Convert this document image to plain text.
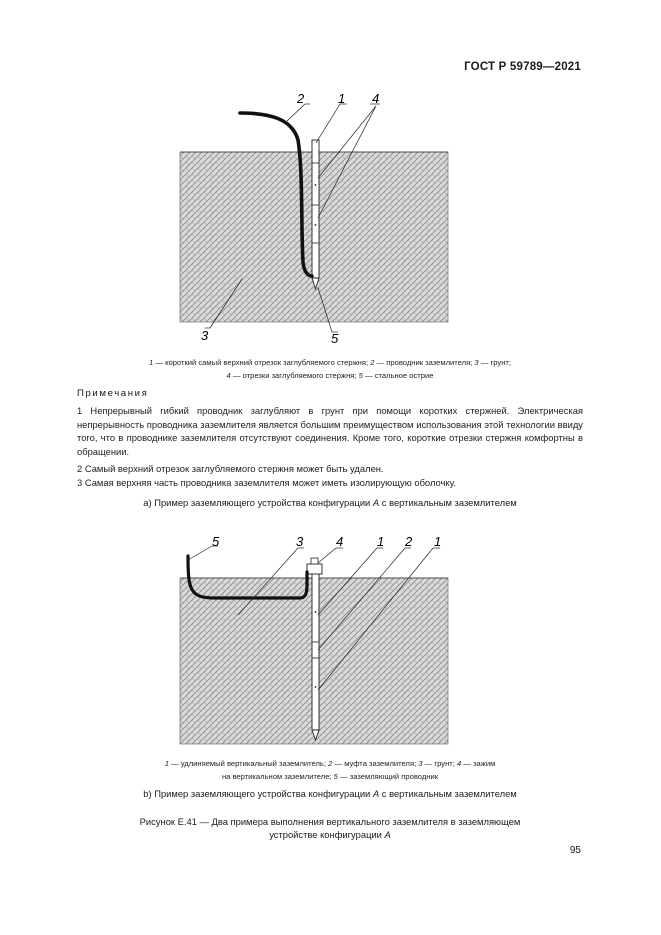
ГОСТ Р 59789—2021
2	1 4
3	5
5	3	4	1 2 1
1 — короткий самый верхний отрезок заглубляемого стержня; 2 — проводник заземлителя; 3 — грунт;
4 — отрезки заглубляемого стержня; 5 — стальное острие
Примечания

1 Непрерывный гибкий проводник заглубляют в грунт при помощи коротких стержней. Электрическая непрерывность проводника заземлителя является большим преимуществом использования этой технологии ввиду того, что в проводнике заземлителя отсутствуют соединения. Кроме того, короткие отрезки стержня комфортны в обращении.

2 Самый верхний отрезок заглубляемого стержня может быть удален.

3 Самая верхняя часть проводника заземлителя может иметь изолирующую оболочку.

a) Пример заземляющего устройства конфигурации А с вертикальным заземлителем
1 — удлиняемый вертикальный заземлитель; 2 — муфта заземлителя; 3 — грунт; 4 — зажим
на вертикальном заземлителе; 5 — заземляющий проводник
b) Пример заземляющего устройства конфигурации А с вертикальным заземлителем
Рисунок Е.41 — Два примера выполнения вертикального заземлителя в заземляющем
устройстве конфигурации А
95
